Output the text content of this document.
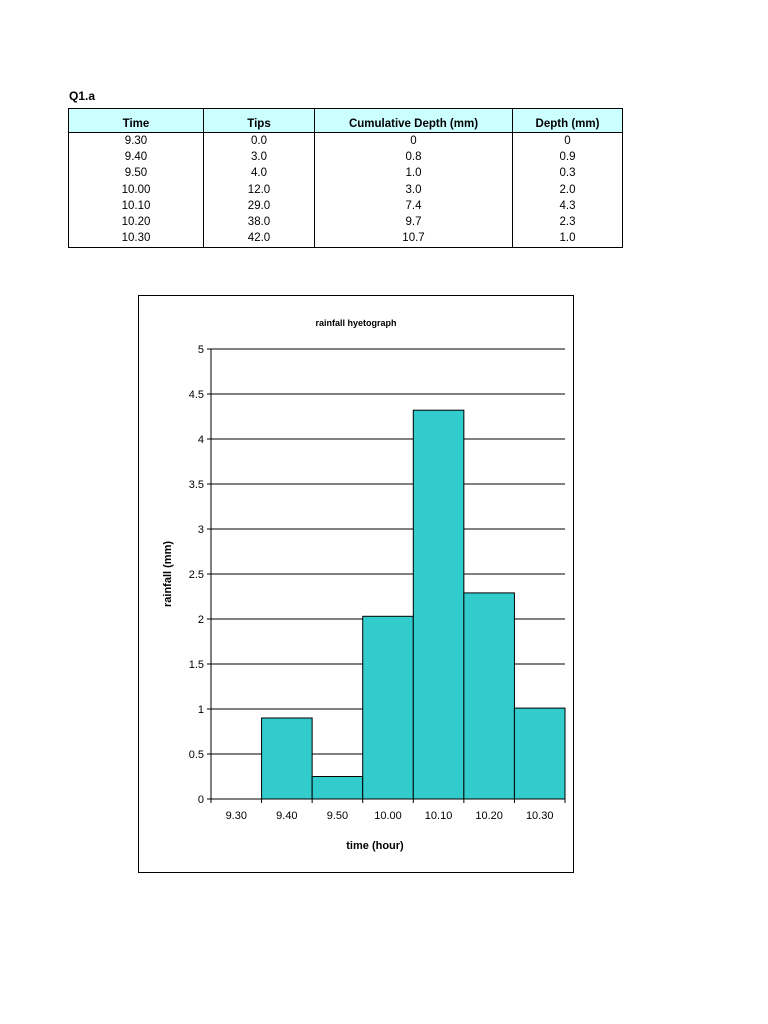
Q1.a
Time	Tips	Cumulative Depth (mm)	Depth (mm)
9.30	0.0	0	0
9.40	3.0	0.8	0.9
9.50	4.0	1.0	0.3
10.00	12.0	3.0	2.0
10.10	29.0	7.4	4.3
10.20	38.0	9.7	2.3
10.30	42.0	10.7	1.0
rainfall hyetograph
rainfall (mm)
time (hour)
0
0.5
1
1.5
2
2.5
3
3.5
4
4.5
5
9.30	9.40	9.50 10.00 10.10 10.20 10.30
